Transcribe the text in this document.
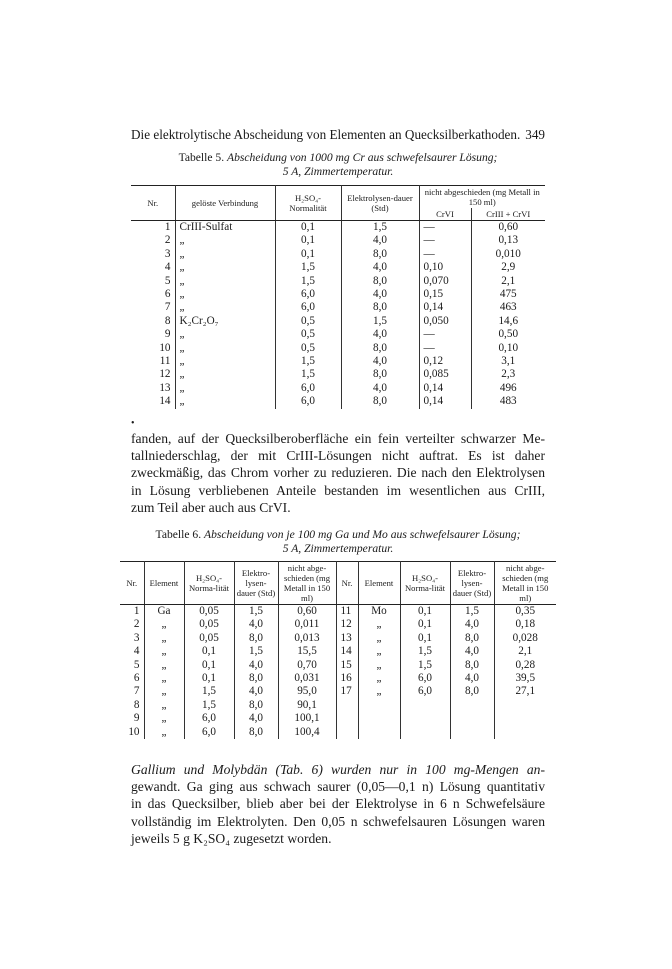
Die elektrolytische Abscheidung von Elementen an Quecksilberkathoden. 349
Tabelle 5. Abscheidung von 1000 mg Cr aus schwefelsaurer Lösung;
5 A, Zimmertemperatur.
Nr.	gelöste Verbindung	H₂SO₄-Normalität	Elektrolysen-dauer (Std)	nicht abgeschieden (mg Metall in 150 ml)	
				CrVI	CrIII + CrVI
1	CrIII-Sulfat	0,1	1,5	—	0,60
2	„	0,1	4,0	—	0,13
3	„	0,1	8,0	—	0,010
4	„	1,5	4,0	0,10	2,9
5	„	1,5	8,0	0,070	2,1
6	„	6,0	4,0	0,15	475
7	„	6,0	8,0	0,14	463
8	K₂Cr₂O₇	0,5	1,5	0,050	14,6
9	„	0,5	4,0	—	0,50
10	„	0,5	8,0	—	0,10
11	„	1,5	4,0	0,12	3,1
12	„	1,5	8,0	0,085	2,3
13	„	6,0	4,0	0,14	496
14	„	6,0	8,0	0,14	483
•
fanden, auf der Quecksilberoberfläche ein fein verteilter schwarzer Me-
tallniederschlag, der mit CrIII-Lösungen nicht auftrat. Es ist daher
zweckmäßig, das Chrom vorher zu reduzieren. Die nach den Elektrolysen
in Lösung verbliebenen Anteile bestanden im wesentlichen aus CrIII,
zum Teil aber auch aus CrVI.
Tabelle 6. Abscheidung von je 100 mg Ga und Mo aus schwefelsaurer Lösung;
5 A, Zimmertemperatur.
Nr.	Element	H₂SO₄-Norma-lität	Elektro-lysen-dauer (Std)	nicht abge-schieden (mg Metall in 150 ml)	Nr.	Element	H₂SO₄-Norma-lität	Elektro-lysen-dauer (Std)	nicht abge-schieden (mg Metall in 150 ml)
1	Ga	0,05	1,5	0,60	11	Mo	0,1	1,5	0,35
2	„	0,05	4,0	0,011	12	„	0,1	4,0	0,18
3	„	0,05	8,0	0,013	13	„	0,1	8,0	0,028
4	„	0,1	1,5	15,5	14	„	1,5	4,0	2,1
5	„	0,1	4,0	0,70	15	„	1,5	8,0	0,28
6	„	0,1	8,0	0,031	16	„	6,0	4,0	39,5
7	„	1,5	4,0	95,0	17	„	6,0	8,0	27,1
8	„	1,5	8,0	90,1					
9	„	6,0	4,0	100,1					
10	„	6,0	8,0	100,4					
Gallium und Molybdän (Tab. 6) wurden nur in 100 mg-Mengen an-
gewandt. Ga ging aus schwach saurer (0,05—0,1 n) Lösung quantitativ
in das Quecksilber, blieb aber bei der Elektrolyse in 6 n Schwefelsäure
vollständig im Elektrolyten. Den 0,05 n schwefelsauren Lösungen waren
jeweils 5 g K₂SO₄ zugesetzt worden.
